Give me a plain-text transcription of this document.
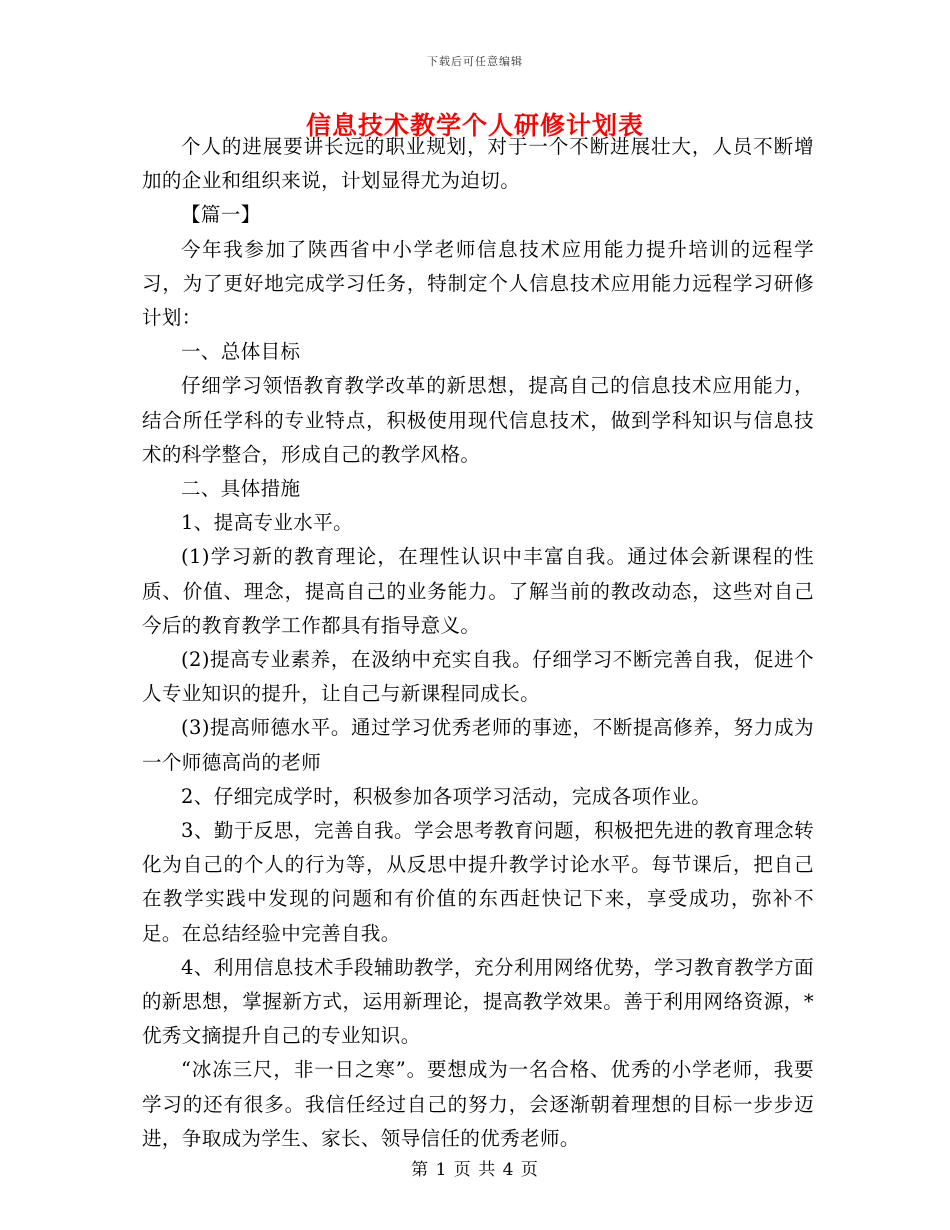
下载后可任意编辑
信息技术教学个人研修计划表

个人的进展要讲长远的职业规划，对于一个不断进展壮大，人员不断增加的企业和组织来说，计划显得尤为迫切。

【篇一】

今年我参加了陕西省中小学老师信息技术应用能力提升培训的远程学习，为了更好地完成学习任务，特制定个人信息技术应用能力远程学习研修计划：

一、总体目标

仔细学习领悟教育教学改革的新思想，提高自己的信息技术应用能力，结合所任学科的专业特点，积极使用现代信息技术，做到学科知识与信息技术的科学整合，形成自己的教学风格。

二、具体措施

1、提高专业水平。

(1)学习新的教育理论，在理性认识中丰富自我。通过体会新课程的性质、价值、理念，提高自己的业务能力。了解当前的教改动态，这些对自己今后的教育教学工作都具有指导意义。

(2)提高专业素养，在汲纳中充实自我。仔细学习不断完善自我，促进个人专业知识的提升，让自己与新课程同成长。

(3)提高师德水平。通过学习优秀老师的事迹，不断提高修养，努力成为一个师德高尚的老师

2、仔细完成学时，积极参加各项学习活动，完成各项作业。

3、勤于反思，完善自我。学会思考教育问题，积极把先进的教育理念转化为自己的个人的行为等，从反思中提升教学讨论水平。每节课后，把自己在教学实践中发现的问题和有价值的东西赶快记下来，享受成功，弥补不足。在总结经验中完善自我。

4、利用信息技术手段辅助教学，充分利用网络优势，学习教育教学方面的新思想，掌握新方式，运用新理论，提高教学效果。善于利用网络资源，*优秀文摘提升自己的专业知识。

“冰冻三尺，非一日之寒”。要想成为一名合格、优秀的小学老师，我要学习的还有很多。我信任经过自己的努力，会逐渐朝着理想的目标一步步迈进，争取成为学生、家长、领导信任的优秀老师。

第 1 页 共 4 页
